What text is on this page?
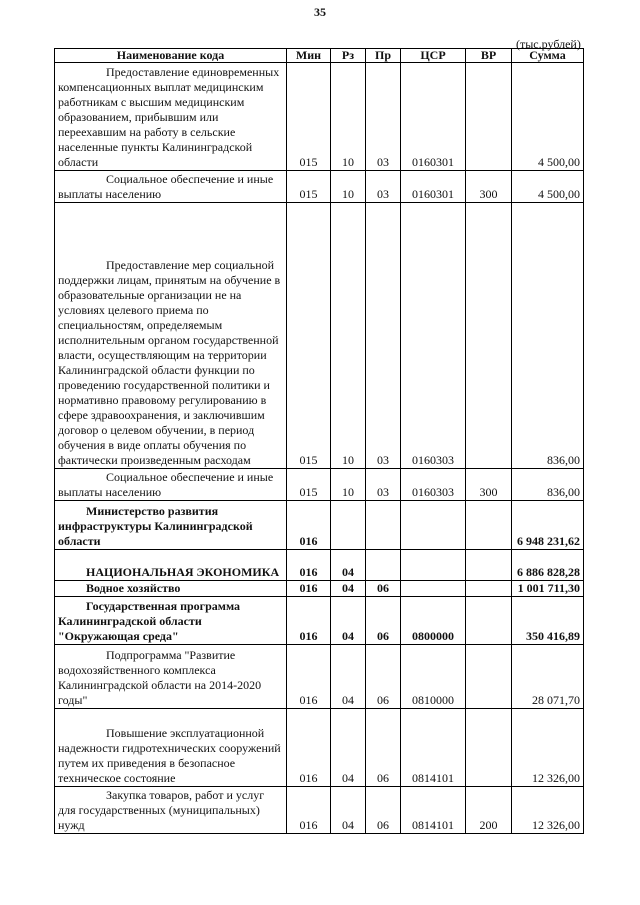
35
(тыс.рублей)
Наименование кода	Мин	Рз	Пр	ЦСР	ВР	Сумма
Предоставление единовременных компенсационных выплат медицинским работникам с высшим медицинским образованием, прибывшим или переехавшим на работу в сельские населенные пункты Калининградской области	015	10	03	0160301		4 500,00
Социальное обеспечение и иные выплаты населению	015	10	03	0160301	300	4 500,00
Предоставление мер социальной поддержки лицам, принятым на обучение в образовательные организации не на условиях целевого приема по специальностям, определяемым исполнительным органом государственной власти, осуществляющим на территории Калининградской области функции по проведению государственной политики и нормативно правовому регулированию в сфере здравоохранения, и заключившим договор о целевом обучении, в период обучения в виде оплаты обучения по фактически произведенным расходам	015	10	03	0160303		836,00
Социальное обеспечение и иные выплаты населению	015	10	03	0160303	300	836,00
Министерство развития инфраструктуры Калининградской области	016					6 948 231,62
НАЦИОНАЛЬНАЯ ЭКОНОМИКА	016	04				6 886 828,28
Водное хозяйство	016	04	06			1 001 711,30
Государственная программа Калининградской области "Окружающая среда"	016	04	06	0800000		350 416,89
Подпрограмма "Развитие водохозяйственного комплекса Калининградской области на 2014-2020 годы"	016	04	06	0810000		28 071,70
Повышение эксплуатационной надежности гидротехнических сооружений путем их приведения в безопасное техническое состояние	016	04	06	0814101		12 326,00
Закупка товаров, работ и услуг для государственных (муниципальных) нужд	016	04	06	0814101	200	12 326,00
